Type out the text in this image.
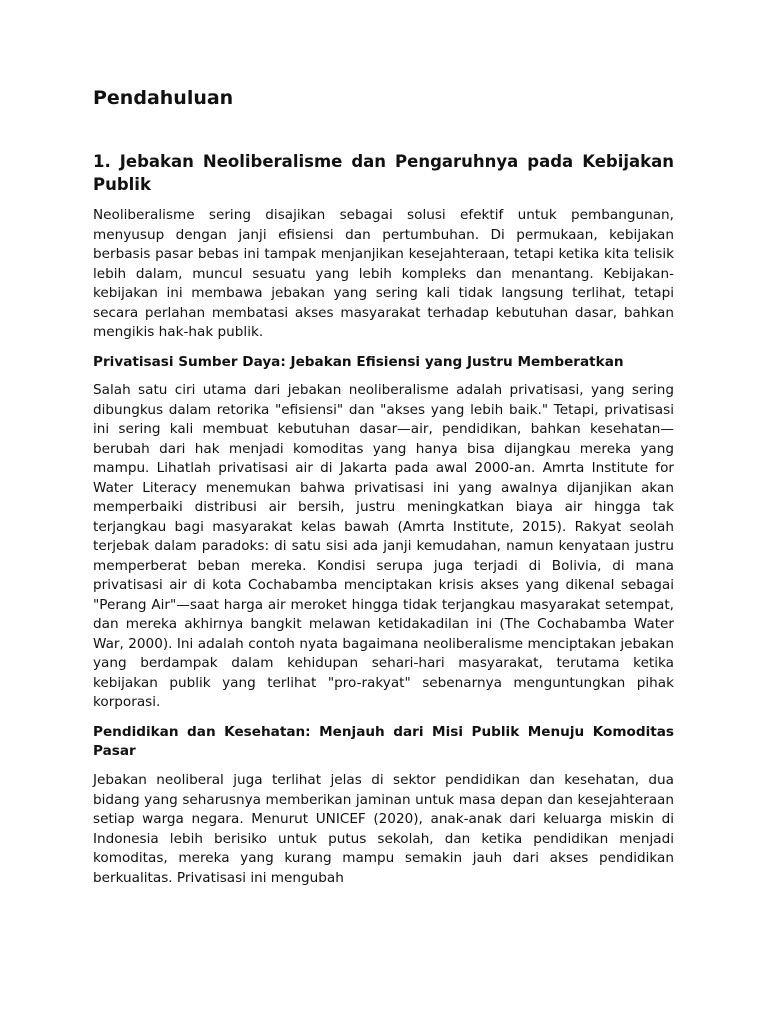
Pendahuluan
1. Jebakan Neoliberalisme dan Pengaruhnya pada Kebijakan Publik

Neoliberalisme sering disajikan sebagai solusi efektif untuk pembangunan, menyusup dengan janji efisiensi dan pertumbuhan. Di permukaan, kebijakan berbasis pasar bebas ini tampak menjanjikan kesejahteraan, tetapi ketika kita telisik lebih dalam, muncul sesuatu yang lebih kompleks dan menantang. Kebijakan-kebijakan ini membawa jebakan yang sering kali tidak langsung terlihat, tetapi secara perlahan membatasi akses masyarakat terhadap kebutuhan dasar, bahkan mengikis hak-hak publik.

Privatisasi Sumber Daya: Jebakan Efisiensi yang Justru Memberatkan

Salah satu ciri utama dari jebakan neoliberalisme adalah privatisasi, yang sering dibungkus dalam retorika "efisiensi" dan "akses yang lebih baik." Tetapi, privatisasi ini sering kali membuat kebutuhan dasar—air, pendidikan, bahkan kesehatan—berubah dari hak menjadi komoditas yang hanya bisa dijangkau mereka yang mampu. Lihatlah privatisasi air di Jakarta pada awal 2000-an. Amrta Institute for Water Literacy menemukan bahwa privatisasi ini yang awalnya dijanjikan akan memperbaiki distribusi air bersih, justru meningkatkan biaya air hingga tak terjangkau bagi masyarakat kelas bawah (Amrta Institute, 2015). Rakyat seolah terjebak dalam paradoks: di satu sisi ada janji kemudahan, namun kenyataan justru memperberat beban mereka. Kondisi serupa juga terjadi di Bolivia, di mana privatisasi air di kota Cochabamba menciptakan krisis akses yang dikenal sebagai "Perang Air"—saat harga air meroket hingga tidak terjangkau masyarakat setempat, dan mereka akhirnya bangkit melawan ketidakadilan ini (The Cochabamba Water War, 2000). Ini adalah contoh nyata bagaimana neoliberalisme menciptakan jebakan yang berdampak dalam kehidupan sehari-hari masyarakat, terutama ketika kebijakan publik yang terlihat "pro-rakyat" sebenarnya menguntungkan pihak korporasi.

Pendidikan dan Kesehatan: Menjauh dari Misi Publik Menuju Komoditas Pasar

Jebakan neoliberal juga terlihat jelas di sektor pendidikan dan kesehatan, dua bidang yang seharusnya memberikan jaminan untuk masa depan dan kesejahteraan setiap warga negara. Menurut UNICEF (2020), anak-anak dari keluarga miskin di Indonesia lebih berisiko untuk putus sekolah, dan ketika pendidikan menjadi komoditas, mereka yang kurang mampu semakin jauh dari akses pendidikan berkualitas. Privatisasi ini mengubah
